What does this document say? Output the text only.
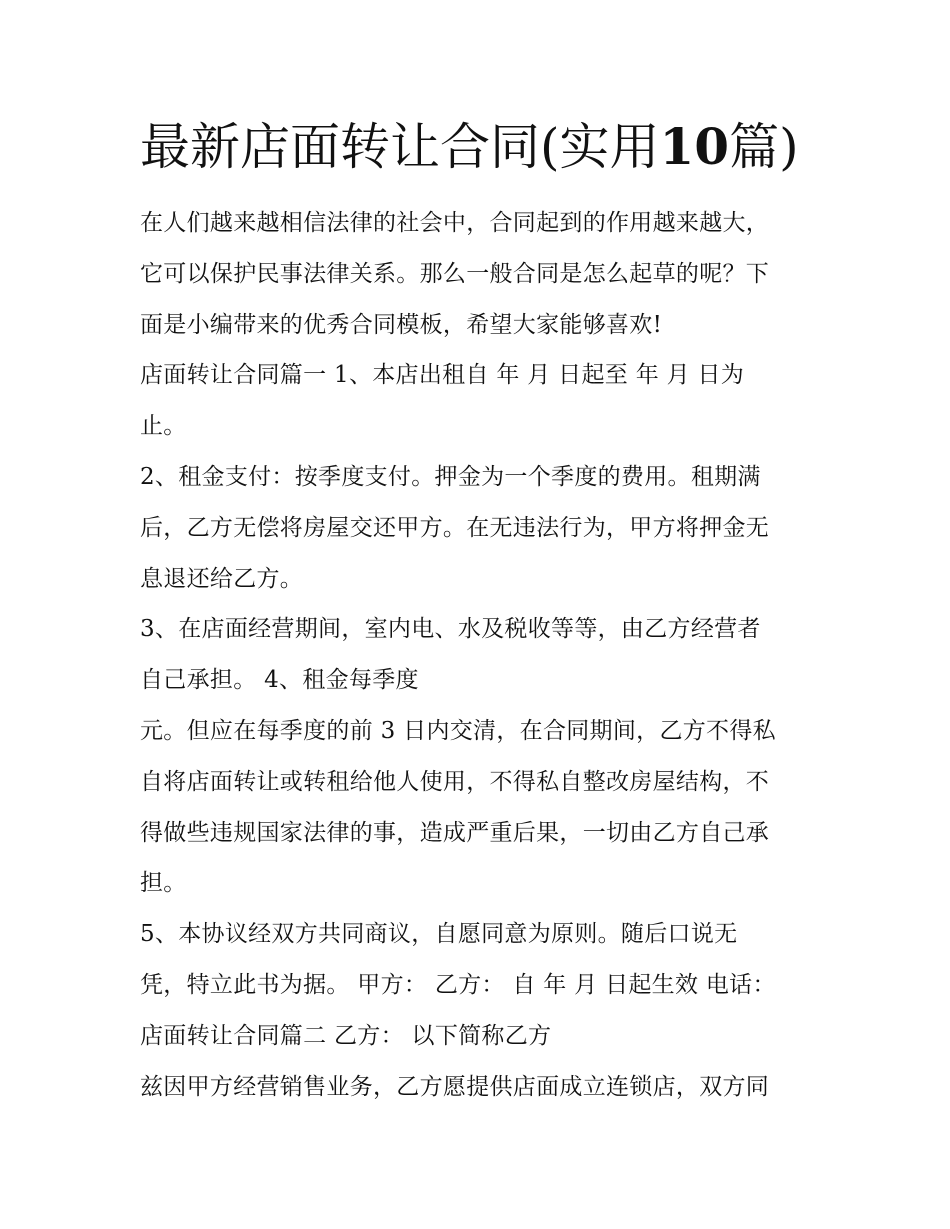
最新店面转让合同(实用10篇)
在人们越来越相信法律的社会中，合同起到的作用越来越大，
它可以保护民事法律关系。那么一般合同是怎么起草的呢？下
面是小编带来的优秀合同模板，希望大家能够喜欢!
店面转让合同篇一 1、本店出租自 年 月 日起至 年 月 日为
止。
2、租金支付：按季度支付。押金为一个季度的费用。租期满
后，乙方无偿将房屋交还甲方。在无违法行为，甲方将押金无
息退还给乙方。
3、在店面经营期间，室内电、水及税收等等，由乙方经营者
自己承担。 4、租金每季度
元。但应在每季度的前 3 日内交清，在合同期间，乙方不得私
自将店面转让或转租给他人使用，不得私自整改房屋结构，不
得做些违规国家法律的事，造成严重后果，一切由乙方自己承
担。
5、本协议经双方共同商议，自愿同意为原则。随后口说无
凭，特立此书为据。 甲方： 乙方： 自 年 月 日起生效 电话：
店面转让合同篇二 乙方： 以下简称乙方
兹因甲方经营销售业务，乙方愿提供店面成立连锁店，双方同
